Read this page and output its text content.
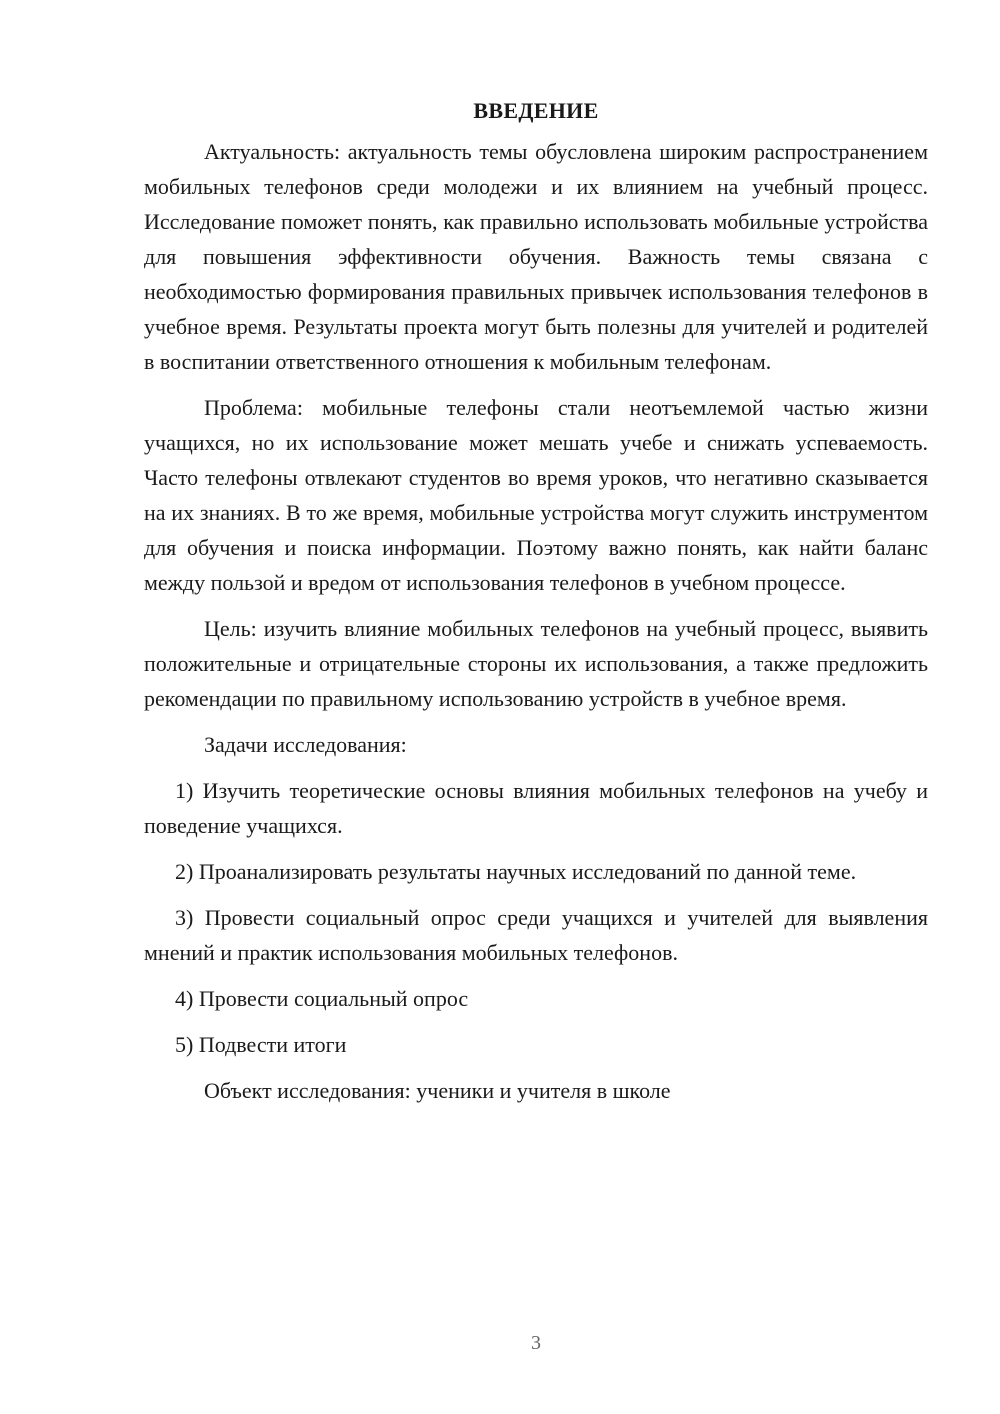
ВВЕДЕНИЕ

Актуальность: актуальность темы обусловлена широким распространением мобильных телефонов среди молодежи и их влиянием на учебный процесс. Исследование поможет понять, как правильно использовать мобильные устройства для повышения эффективности обучения. Важность темы связана с необходимостью формирования правильных привычек использования телефонов в учебное время. Результаты проекта могут быть полезны для учителей и родителей в воспитании ответственного отношения к мобильным телефонам.

Проблема: мобильные телефоны стали неотъемлемой частью жизни учащихся, но их использование может мешать учебе и снижать успеваемость. Часто телефоны отвлекают студентов во время уроков, что негативно сказывается на их знаниях. В то же время, мобильные устройства могут служить инструментом для обучения и поиска информации. Поэтому важно понять, как найти баланс между пользой и вредом от использования телефонов в учебном процессе.

Цель: изучить влияние мобильных телефонов на учебный процесс, выявить положительные и отрицательные стороны их использования, а также предложить рекомендации по правильному использованию устройств в учебное время.

Задачи исследования:

1) Изучить теоретические основы влияния мобильных телефонов на учебу и поведение учащихся.

2) Проанализировать результаты научных исследований по данной теме.

3) Провести социальный опрос среди учащихся и учителей для выявления мнений и практик использования мобильных телефонов.

4) Провести социальный опрос

5) Подвести итоги

Объект исследования: ученики и учителя в школе

3
